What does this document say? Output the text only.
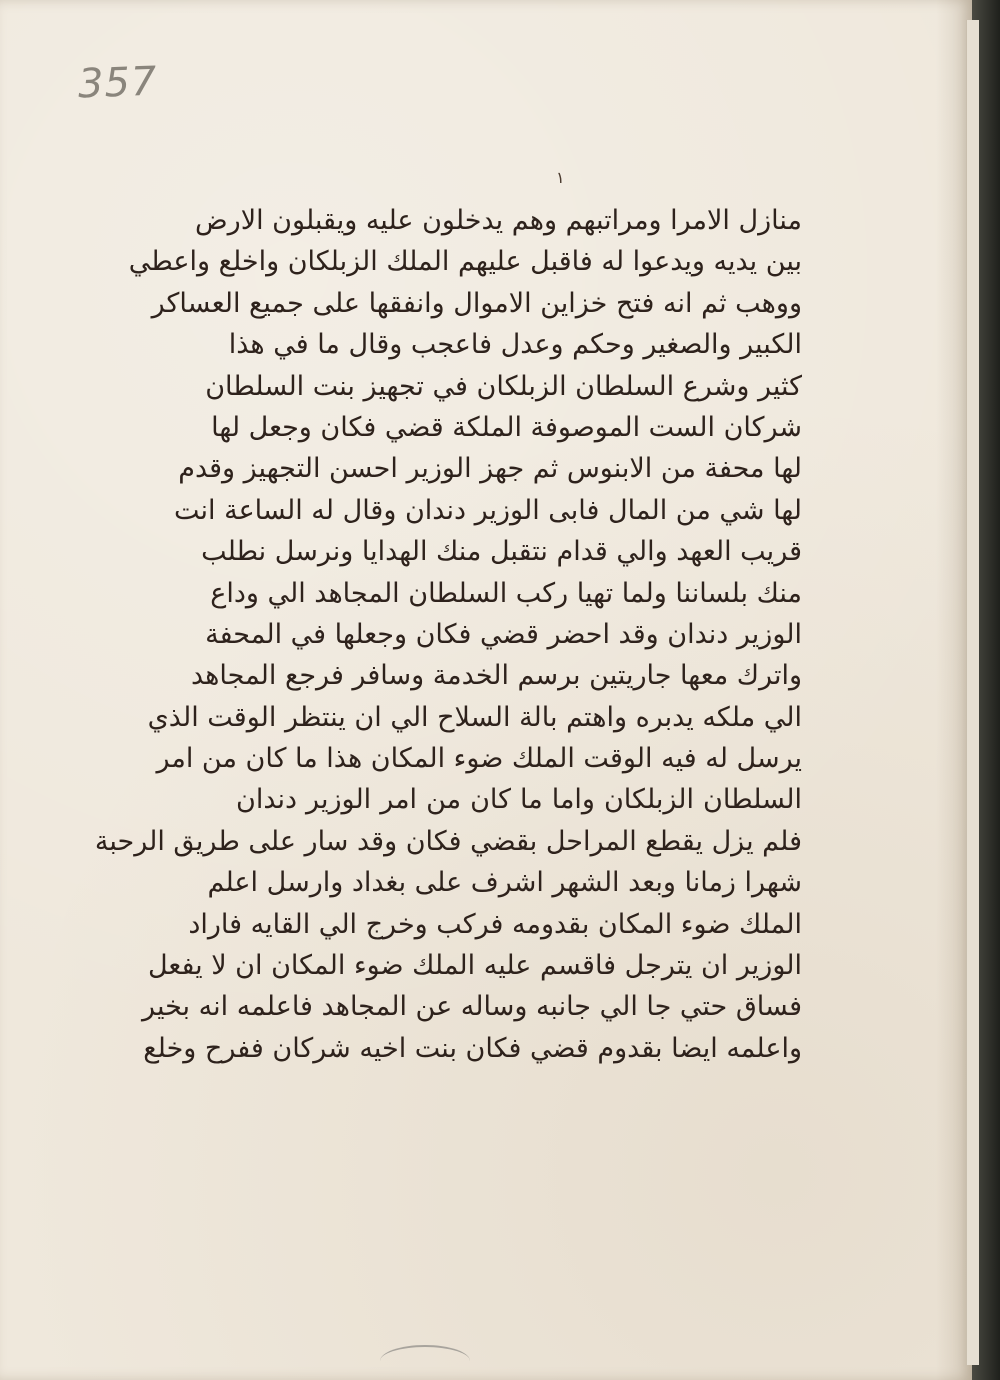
357
١
منازل الامرا ومراتبهم وهم يدخلون عليه ويقبلون الارض
بين يديه ويدعوا له فاقبل عليهم الملك الزبلكان واخلع واعطي
ووهب ثم انه فتح خزاين الاموال وانفقها على جميع العساكر
الكبير والصغير وحكم وعدل فاعجب وقال ما في هذا
كثير وشرع السلطان الزبلكان في تجهيز بنت السلطان
شركان الست الموصوفة الملكة قضي فكان وجعل لها
لها محفة من الابنوس ثم جهز الوزير احسن التجهيز وقدم
لها شي من المال فابى الوزير دندان وقال له الساعة انت
قريب العهد والي قدام نتقبل منك الهدايا ونرسل نطلب
منك بلساننا ولما تهيا ركب السلطان المجاهد الي وداع
الوزير دندان وقد احضر قضي فكان وجعلها في المحفة
واترك معها جاريتين برسم الخدمة وسافر فرجع المجاهد
الي ملكه يدبره واهتم بالة السلاح الي ان ينتظر الوقت الذي
يرسل له فيه الوقت الملك ضوء المكان هذا ما كان من امر
السلطان الزبلكان واما ما كان من امر الوزير دندان
فلم يزل يقطع المراحل بقضي فكان وقد سار على طريق الرحبة
شهرا زمانا وبعد الشهر اشرف على بغداد وارسل اعلم
الملك ضوء المكان بقدومه فركب وخرج الي القايه فاراد
الوزير ان يترجل فاقسم عليه الملك ضوء المكان ان لا يفعل
فساق حتي جا الي جانبه وساله عن المجاهد فاعلمه انه بخير
واعلمه ايضا بقدوم قضي فكان بنت اخيه شركان ففرح وخلع
